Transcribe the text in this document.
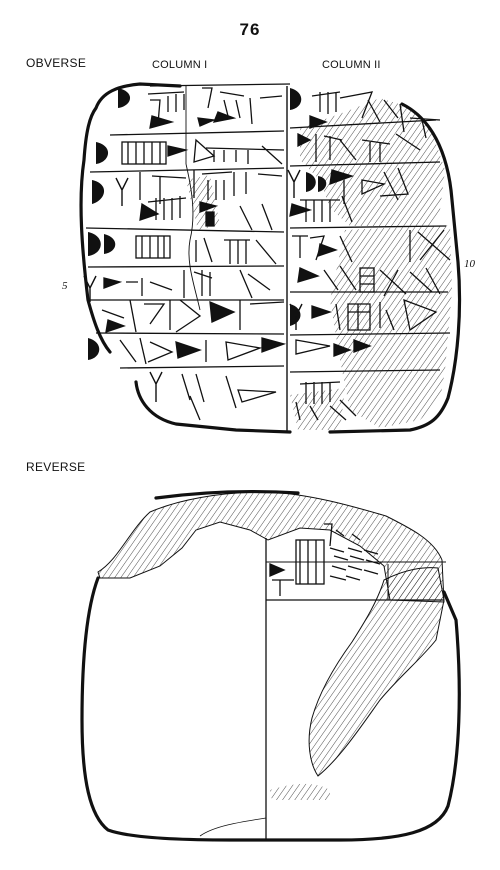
76
OBVERSE	COLUMN I	COLUMN II
5
10
REVERSE
